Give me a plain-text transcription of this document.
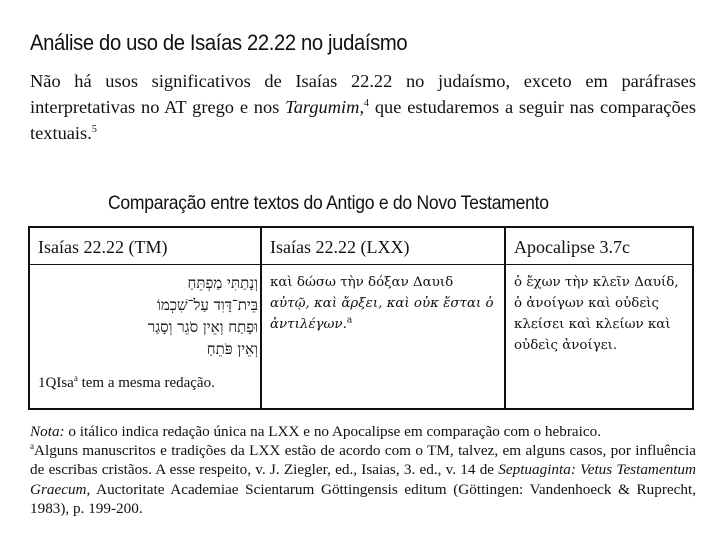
Análise do uso de Isaías 22.22 no judaísmo
Não há usos significativos de Isaías 22.22 no judaísmo, exceto em paráfrases interpretativas no AT grego e nos Targumim,$^4$ que estudaremos a seguir nas comparações textuais.$^5$
Comparação entre textos do Antigo e do Novo Testamento
Isaías 22.22 (TM)	Isaías 22.22 (LXX)	Apocalipse 3.7c
וְנָתַתִּי מַפְתֵּחַ
בֵּית־דָּוִד עַל־שִׁכְמוֹ
וּפָתַח וְאֵין סֹגֵר וְסָגַר
וְאֵין פֹּתֵחַ
1QIsa$^a$ tem a mesma redação.
καὶ δώσω τὴν δόξαν Δαυιδ
αὐτῷ, καὶ ἄρξει, καὶ οὐκ ἔσται ὁ ἀντιλέγων.$^a$
ὁ ἔχων τὴν κλεῖν Δαυίδ, ὁ ἀνοίγων καὶ οὐδεὶς κλείσει καὶ κλείων καὶ οὐδεὶς ἀνοίγει.

Nota: o itálico indica redação única na LXX e no Apocalipse em comparação com o hebraico.

$^a$Alguns manuscritos e tradições da LXX estão de acordo com o TM, talvez, em alguns casos, por influência de escribas cristãos. A esse respeito, v. J. Ziegler, ed., Isaias, 3. ed., v. 14 de Septuaginta: Vetus Testamentum Graecum, Auctoritate Academiae Scientarum Göttingensis editum (Göttingen: Vandenhoeck & Ruprecht, 1983), p. 199-200.
